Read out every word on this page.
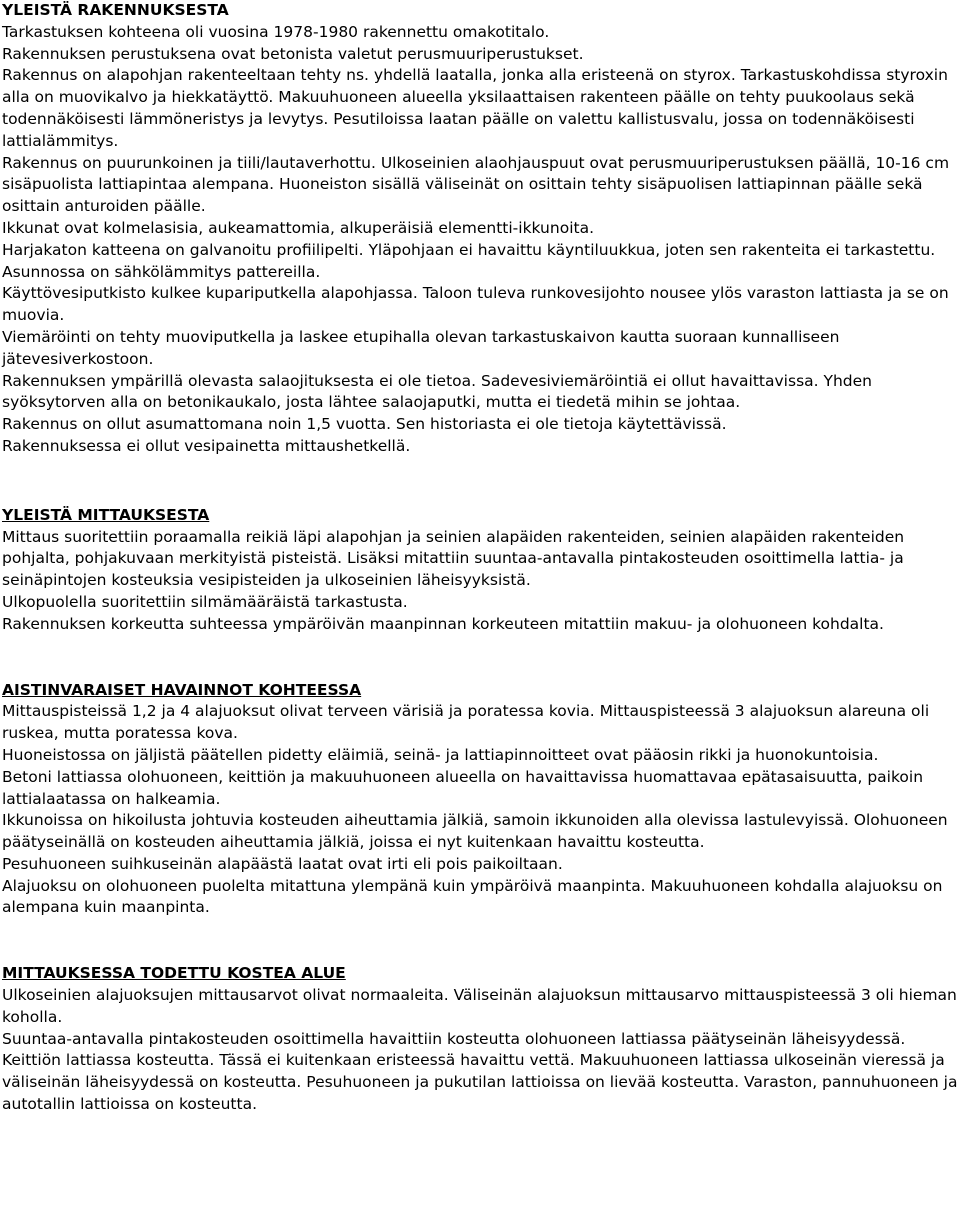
YLEISTÄ RAKENNUKSESTA

Tarkastuksen kohteena oli vuosina 1978-1980 rakennettu omakotitalo.

Rakennuksen perustuksena ovat betonista valetut perusmuuriperustukset.

Rakennus on alapohjan rakenteeltaan tehty ns. yhdellä laatalla, jonka alla eristeenä on styrox. Tarkastuskohdissa styroxin alla on muovikalvo ja hiekkatäyttö. Makuuhuoneen alueella yksilaattaisen rakenteen päälle on tehty puukoolaus sekä todennäköisesti lämmöneristys ja levytys. Pesutiloissa laatan päälle on valettu kallistusvalu, jossa on todennäköisesti lattialämmitys.

Rakennus on puurunkoinen ja tiili/lautaverhottu. Ulkoseinien alaohjauspuut ovat perusmuuriperustuksen päällä, 10-16 cm sisäpuolista lattiapintaa alempana. Huoneiston sisällä väliseinät on osittain tehty sisäpuolisen lattiapinnan päälle sekä osittain anturoiden päälle.

Ikkunat ovat kolmelasisia, aukeamattomia, alkuperäisiä elementti-ikkunoita.

Harjakaton katteena on galvanoitu profiilipelti. Yläpohjaan ei havaittu käyntiluukkua, joten sen rakenteita ei tarkastettu.

Asunnossa on sähkölämmitys pattereilla.

Käyttövesiputkisto kulkee kupariputkella alapohjassa. Taloon tuleva runkovesijohto nousee ylös varaston lattiasta ja se on muovia.

Viemäröinti on tehty muoviputkella ja laskee etupihalla olevan tarkastuskaivon kautta suoraan kunnalliseen jätevesiverkostoon.

Rakennuksen ympärillä olevasta salaojituksesta ei ole tietoa. Sadevesiviemäröintiä ei ollut havaittavissa. Yhden syöksytorven alla on betonikaukalo, josta lähtee salaojaputki, mutta ei tiedetä mihin se johtaa.

Rakennus on ollut asumattomana noin 1,5 vuotta. Sen historiasta ei ole tietoja käytettävissä.

Rakennuksessa ei ollut vesipainetta mittaushetkellä.

YLEISTÄ MITTAUKSESTA

Mittaus suoritettiin poraamalla reikiä läpi alapohjan ja seinien alapäiden rakenteiden, seinien alapäiden rakenteiden pohjalta, pohjakuvaan merkityistä pisteistä. Lisäksi mitattiin suuntaa-antavalla pintakosteuden osoittimella lattia- ja seinäpintojen kosteuksia vesipisteiden ja ulkoseinien läheisyyksistä.

Ulkopuolella suoritettiin silmämääräistä tarkastusta.

Rakennuksen korkeutta suhteessa ympäröivän maanpinnan korkeuteen mitattiin makuu- ja olohuoneen kohdalta.

AISTINVARAISET HAVAINNOT KOHTEESSA

Mittauspisteissä 1,2 ja 4 alajuoksut olivat terveen värisiä ja poratessa kovia. Mittauspisteessä 3 alajuoksun alareuna oli ruskea, mutta poratessa kova.

Huoneistossa on jäljistä päätellen pidetty eläimiä, seinä- ja lattiapinnoitteet ovat pääosin rikki ja huonokuntoisia.

Betoni lattiassa olohuoneen, keittiön ja makuuhuoneen alueella on havaittavissa huomattavaa epätasaisuutta, paikoin lattialaatassa on halkeamia.

Ikkunoissa on hikoilusta johtuvia kosteuden aiheuttamia jälkiä, samoin ikkunoiden alla olevissa lastulevyissä. Olohuoneen päätyseinällä on kosteuden aiheuttamia jälkiä, joissa ei nyt kuitenkaan havaittu kosteutta.

Pesuhuoneen suihkuseinän alapäästä laatat ovat irti eli pois paikoiltaan.

Alajuoksu on olohuoneen puolelta mitattuna ylempänä kuin ympäröivä maanpinta. Makuuhuoneen kohdalla alajuoksu on alempana kuin maanpinta.

MITTAUKSESSA TODETTU KOSTEA ALUE

Ulkoseinien alajuoksujen mittausarvot olivat normaaleita. Väliseinän alajuoksun mittausarvo mittauspisteessä 3 oli hieman koholla.

Suuntaa-antavalla pintakosteuden osoittimella havaittiin kosteutta olohuoneen lattiassa päätyseinän läheisyydessä. Keittiön lattiassa kosteutta. Tässä ei kuitenkaan eristeessä havaittu vettä. Makuuhuoneen lattiassa ulkoseinän vieressä ja väliseinän läheisyydessä on kosteutta. Pesuhuoneen ja pukutilan lattioissa on lievää kosteutta. Varaston, pannuhuoneen ja autotallin lattioissa on kosteutta.
